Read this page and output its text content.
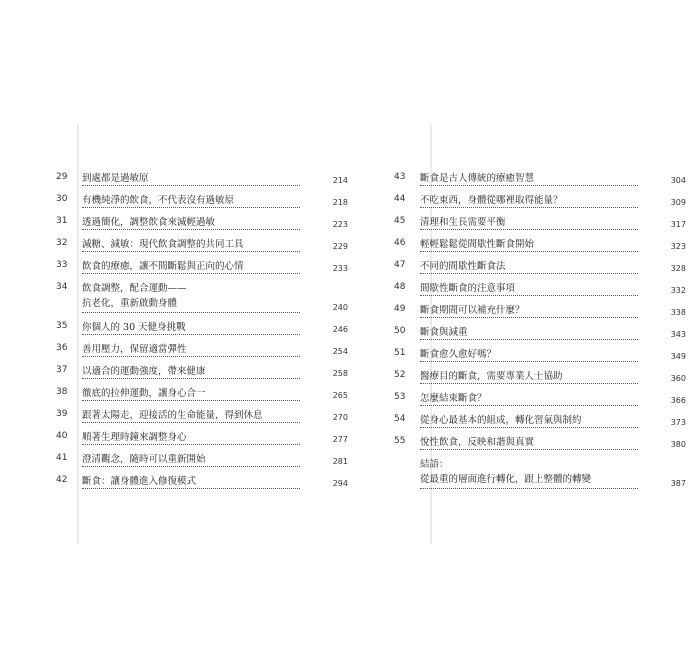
29 到處都是過敏原	214
30 有機純淨的飲食，不代表沒有過敏原	218
31 透過簡化，調整飲食來減輕過敏	223
32 減糖、減敏：現代飲食調整的共同工具	229
33 飲食的療癒，讓不間斷鬆與正向的心情	233
34 飲食調整，配合運動——
抗老化，重新啟動身體	240
35 你個人的 30 天健身挑戰	246
36 善用壓力，保留適當彈性	254
37 以適合的運動強度，帶來健康	258
38 徹底的拉伸運動，讓身心合一	265
39 跟著太陽走，迎接活的生命能量，得到休息	270
40 順著生理時鐘來調整身心	277
41 澄清觀念，隨時可以重新開始	281
42 斷食：讓身體進入修復模式	294
43 斷食是古人傳統的療癒智慧	304
44 不吃東西，身體從哪裡取得能量？	309
45 清理和生長需要平衡	317
46 輕輕鬆鬆從間歇性斷食開始	323
47 不同的間歇性斷食法	328
48 間歇性斷食的注意事項	332
49 斷食期間可以補充什麼？	338
50 斷食與減重	343
51 斷食愈久愈好嗎？	349
52 醫療目的斷食，需要專業人士協助	360
53 怎麼結束斷食？	366
54 從身心最基本的組成，轉化習氣與制約	373
55 悅性飲食，反映和諧與真實	380
結語：
從最重的層面進行轉化，跟上整體的轉變	387
